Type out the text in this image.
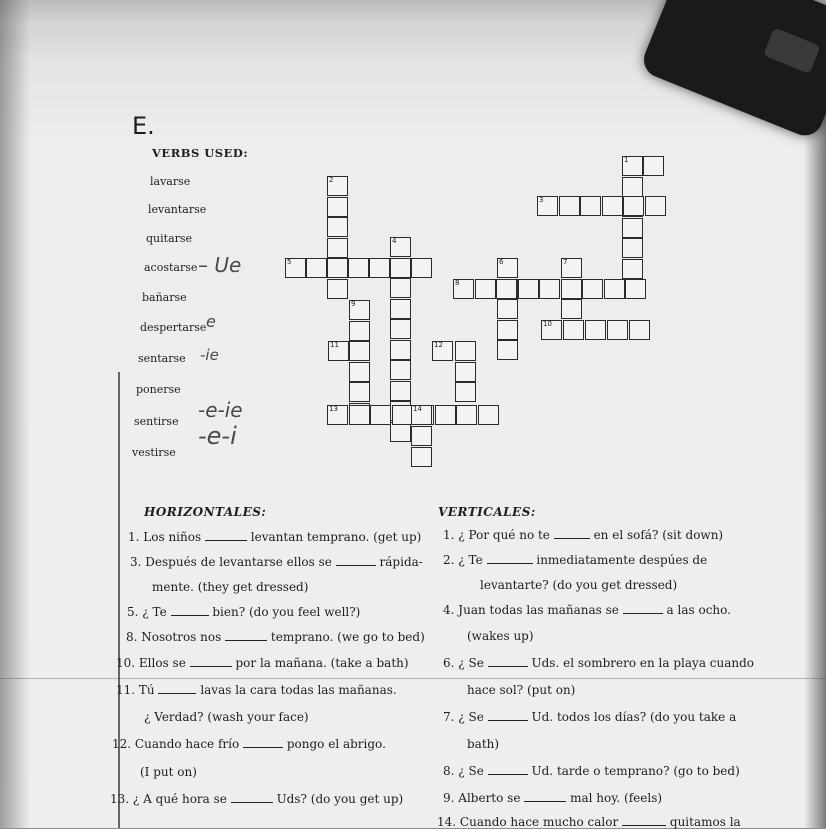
E.
VERBS USED:
lavarse
levantarse
quitarse
acostarse – Ue
bañarse
despertarse e
sentarse -ie
ponerse
sentirse -e-ie
vestirse
-e-i
1
2
3
4
5	6	7
8
9
10
11	12
13	14
HORIZONTALES:
1. Los niños	levantan temprano. (get up)
3. Después de levantarse ellos se	rápida-
mente. (they get dressed)
5. ¿ Te	bien? (do you feel well?)
8. Nosotros nos	temprano. (we go to bed)
10. Ellos se	por la mañana. (take a bath)
11. Tú	lavas la cara todas las mañanas.
¿ Verdad? (wash your face)
12. Cuando hace frío	pongo el abrigo.
(I put on)
13. ¿ A qué hora se	Uds? (do you get up)
VERTICALES:
1. ¿ Por qué no te	en el sofá? (sit down)
2. ¿ Te	inmediatamente despúes de
levantarte? (do you get dressed)
4. Juan todas las mañanas se	a las ocho.
(wakes up)
6. ¿ Se	Uds. el sombrero en la playa cuando
hace sol? (put on)
7. ¿ Se	Ud. todos los días? (do you take a
bath)
8. ¿ Se	Ud. tarde o temprano? (go to bed)
9. Alberto se	mal hoy. (feels)
14. Cuando hace mucho calor	quitamos la
